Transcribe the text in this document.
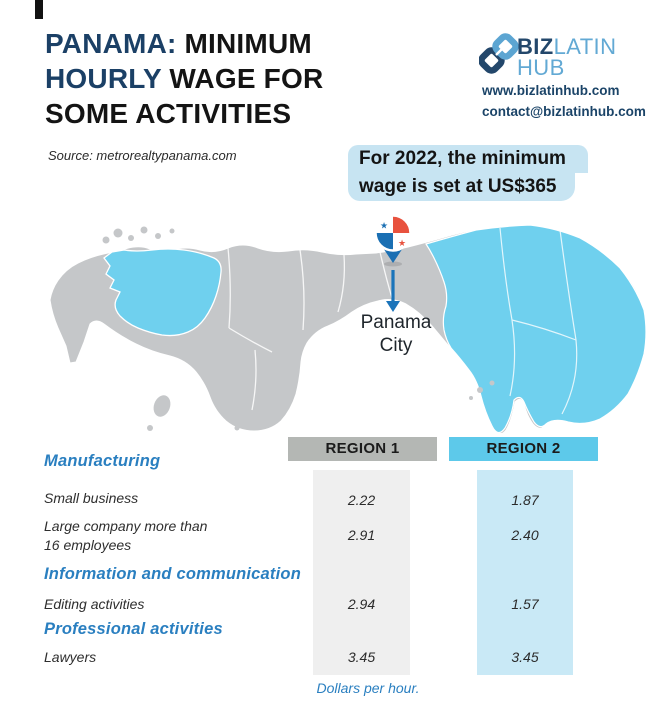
PANAMA: MINIMUM
HOURLY WAGE FOR
SOME ACTIVITIES
Source: metrorealtypanama.com
BIZLATIN
HUB
www.bizlatinhub.com
contact@bizlatinhub.com
For 2022, the minimum
wage is set at US$365
★
★
Panama
City
REGION 1	REGION 2
Manufacturing
Small business	2.22	1.87
Large company more than
16 employees
2.91	2.40
Information and communication
Editing activities	2.94	1.57
Professional activities
Lawyers	3.45	3.45
Dollars per hour.
